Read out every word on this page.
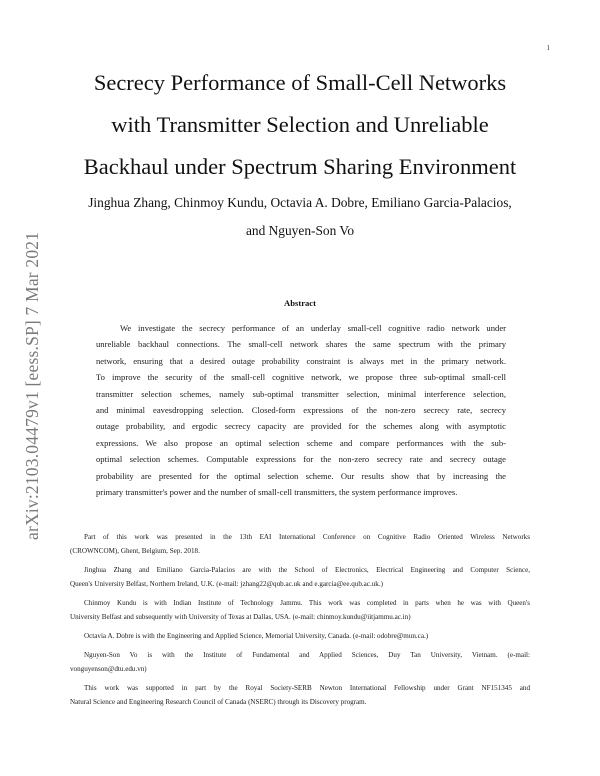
1
arXiv:2103.04479v1 [eess.SP] 7 Mar 2021
Secrecy Performance of Small-Cell Networks
with Transmitter Selection and Unreliable
Backhaul under Spectrum Sharing Environment
Jinghua Zhang, Chinmoy Kundu, Octavia A. Dobre, Emiliano Garcia-Palacios,
and Nguyen-Son Vo
Abstract

We investigate the secrecy performance of an underlay small-cell cognitive radio network under
unreliable backhaul connections. The small-cell network shares the same spectrum with the primary
network, ensuring that a desired outage probability constraint is always met in the primary network.
To improve the security of the small-cell cognitive network, we propose three sub-optimal small-cell
transmitter selection schemes, namely sub-optimal transmitter selection, minimal interference selection,
and minimal eavesdropping selection. Closed-form expressions of the non-zero secrecy rate, secrecy
outage probability, and ergodic secrecy capacity are provided for the schemes along with asymptotic
expressions. We also propose an optimal selection scheme and compare performances with the sub-
optimal selection schemes. Computable expressions for the non-zero secrecy rate and secrecy outage
probability are presented for the optimal selection scheme. Our results show that by increasing the
primary transmitter's power and the number of small-cell transmitters, the system performance improves.

Part of this work was presented in the 13th EAI International Conference on Cognitive Radio Oriented Wireless Networks
(CROWNCOM), Ghent, Belgium, Sep. 2018.
Jinghua Zhang and Emiliano Garcia-Palacios are with the School of Electronics, Electrical Engineering and Computer Science,
Queen's University Belfast, Northern Ireland, U.K. (e-mail: jzhang22@qub.ac.uk and e.garcia@ee.qub.ac.uk.)
Chinmoy Kundu is with Indian Institute of Technology Jammu. This work was completed in parts when he was with Queen's
University Belfast and subsequently with University of Texas at Dallas, USA. (e-mail: chinmoy.kundu@iitjammu.ac.in)
Octavia A. Dobre is with the Engineering and Applied Science, Memorial University, Canada. (e-mail: odobre@mun.ca.)
Nguyen-Son Vo is with the Institute of Fundamental and Applied Sciences, Duy Tan University, Vietnam. (e-mail:
vonguyenson@dtu.edu.vn)
This work was supported in part by the Royal Society-SERB Newton International Fellowship under Grant NF151345 and
Natural Science and Engineering Research Council of Canada (NSERC) through its Discovery program.
